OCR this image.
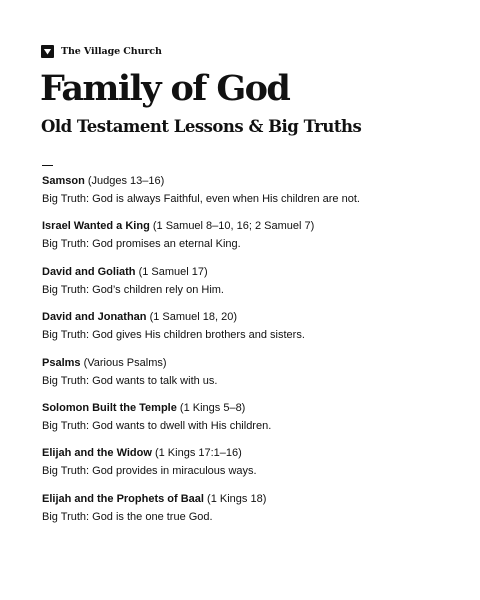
The Village Church
Family of God
Old Testament Lessons & Big Truths
Samson (Judges 13–16)
Big Truth: God is always Faithful, even when His children are not.
Israel Wanted a King (1 Samuel 8–10, 16; 2 Samuel 7)
Big Truth: God promises an eternal King.
David and Goliath (1 Samuel 17)
Big Truth: God’s children rely on Him.
David and Jonathan (1 Samuel 18, 20)
Big Truth: God gives His children brothers and sisters.
Psalms (Various Psalms)
Big Truth: God wants to talk with us.
Solomon Built the Temple (1 Kings 5–8)
Big Truth: God wants to dwell with His children.
Elijah and the Widow (1 Kings 17:1–16)
Big Truth: God provides in miraculous ways.
Elijah and the Prophets of Baal (1 Kings 18)
Big Truth: God is the one true God.
